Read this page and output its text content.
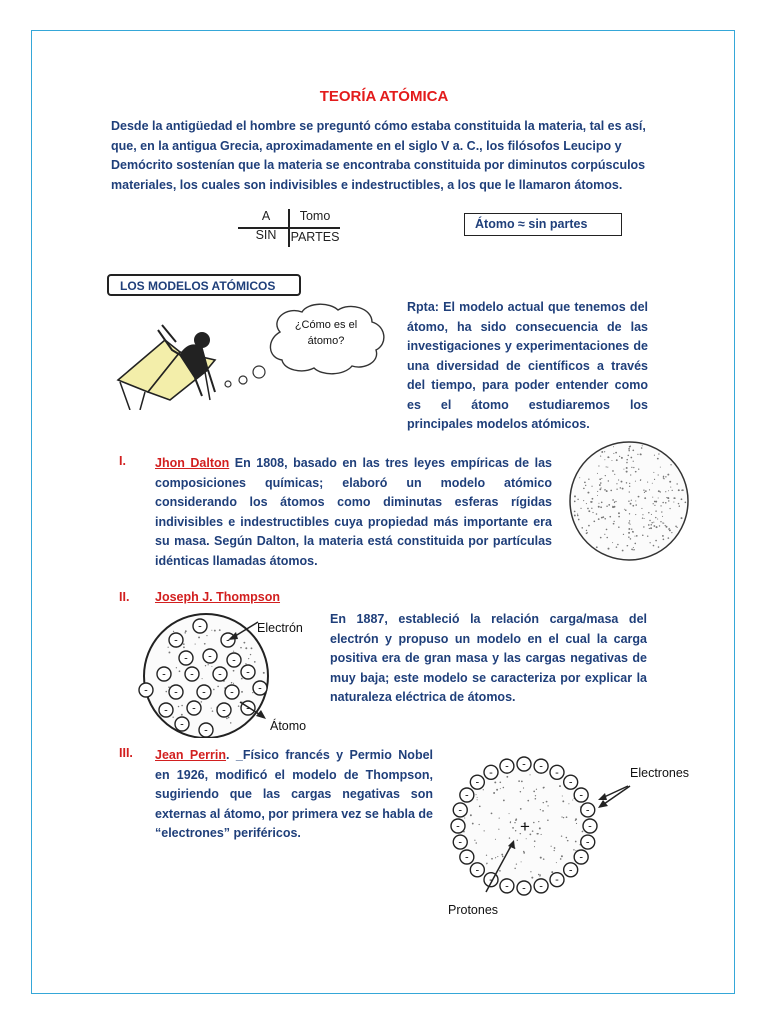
TEORÍA ATÓMICA
Desde la antigüedad el hombre se preguntó cómo estaba constituida la materia, tal es así,
que, en la antigua Grecia, aproximadamente en el siglo V a. C., los filósofos Leucipo y
Demócrito sostenían que la materia se encontraba constituida por diminutos corpúsculos
materiales, los cuales son indivisibles e indestructibles, a los que le llamaron átomos.
A	Tomo
SIN	PARTES
Átomo ≈ sin partes
LOS MODELOS ATÓMICOS
¿Cómo es el
átomo?
Rpta: El modelo actual que tenemos del átomo, ha sido consecuencia de las investigaciones y experimentaciones de una diversidad de científicos a través del tiempo, para poder entender como es el átomo estudiaremos los principales modelos atómicos.
I. Jhon Dalton En 1808, basado en las tres leyes empíricas de las composiciones químicas; elaboró un modelo atómico considerando los átomos como diminutas esferas rígidas indivisibles e indestructibles cuya propiedad más importante era su masa. Según Dalton, la materia está constituida por partículas idénticas llamadas átomos.
II. Joseph J. Thompson
En 1887, estableció la relación carga/masa del electrón y propuso un modelo en el cual la carga positiva era de gran masa y las cargas negativas de muy baja; este modelo se caracteriza por explicar la naturaleza eléctrica de átomos.
-
-	-
- - -
- - - -
- - - - -
- - - -
- -
Electrón
Átomo
III. Jean Perrin. _Físico francés y Permio Nobel en 1926, modificó el modelo de Thompson, sugiriendo que las cargas negativas son externas al átomo, por primera vez se habla de “electrones” periféricos.	+	-
-
-
-
-
-
-
-
-
-
-
-
-
-
-
-
-
- - -
-
-
-
-
Electrones
Protones
